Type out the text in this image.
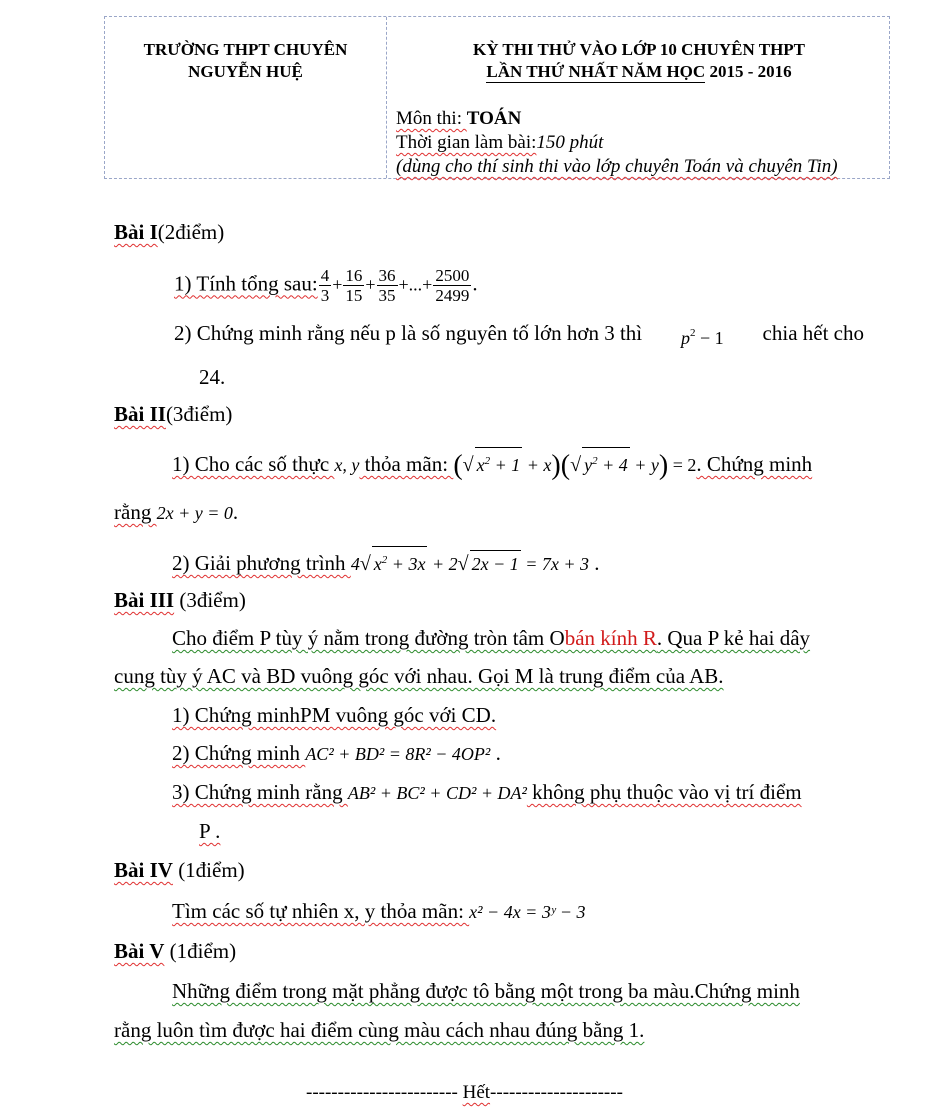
TRƯỜNG THPT CHUYÊN
NGUYỄN HUỆ
KỲ THI THỬ VÀO LỚP 10 CHUYÊN THPT
LẦN THỨ NHẤT NĂM HỌC 2015 - 2016
Môn thi: TOÁN
Thời gian làm bài:150 phút
(dùng cho thí sinh thi vào lớp chuyên Toán và chuyên Tin)
Bài I(2điểm)
1) Tính tổng sau: $\frac{4}{3} + \frac{16}{15} + \frac{36}{35}$ +...+ $\frac{2500}{2499}$ .
2) Chứng minh rằng nếu p là số nguyên tố lớn hơn 3 thì $p^2 - 1$ chia hết cho
24.
Bài II(3điểm)
1) Cho các số thực x, y thỏa mãn: (√ $x^2 + 1 + x)(√$ $y^2 + 4 + y) = 2$. Chứng minh
rằng 2x + y = 0.
2) Giải phương trình 4√ $x^2 + 3x + 2√$ 2x − 1 = 7x + 3 .
Bài III (3điểm)
Cho điểm P tùy ý nằm trong đường tròn tâm Obán kính R. Qua P kẻ hai dây
cung tùy ý AC và BD vuông góc với nhau. Gọi M là trung điểm của AB.
1) Chứng minhPM vuông góc với CD.
2) Chứng minh AC² + BD² = 8R² − 4OP² .
3) Chứng minh rằng AB² + BC² + CD² + DA² không phụ thuộc vào vị trí điểm
P .
Bài IV (1điểm)
Tìm các số tự nhiên x, y thỏa mãn: x² − 4x = 3ʸ − 3
Bài V (1điểm)
Những điểm trong mặt phẳng được tô bằng một trong ba màu.Chứng minh
rằng luôn tìm được hai điểm cùng màu cách nhau đúng bằng 1.
------------------------ Hết---------------------
